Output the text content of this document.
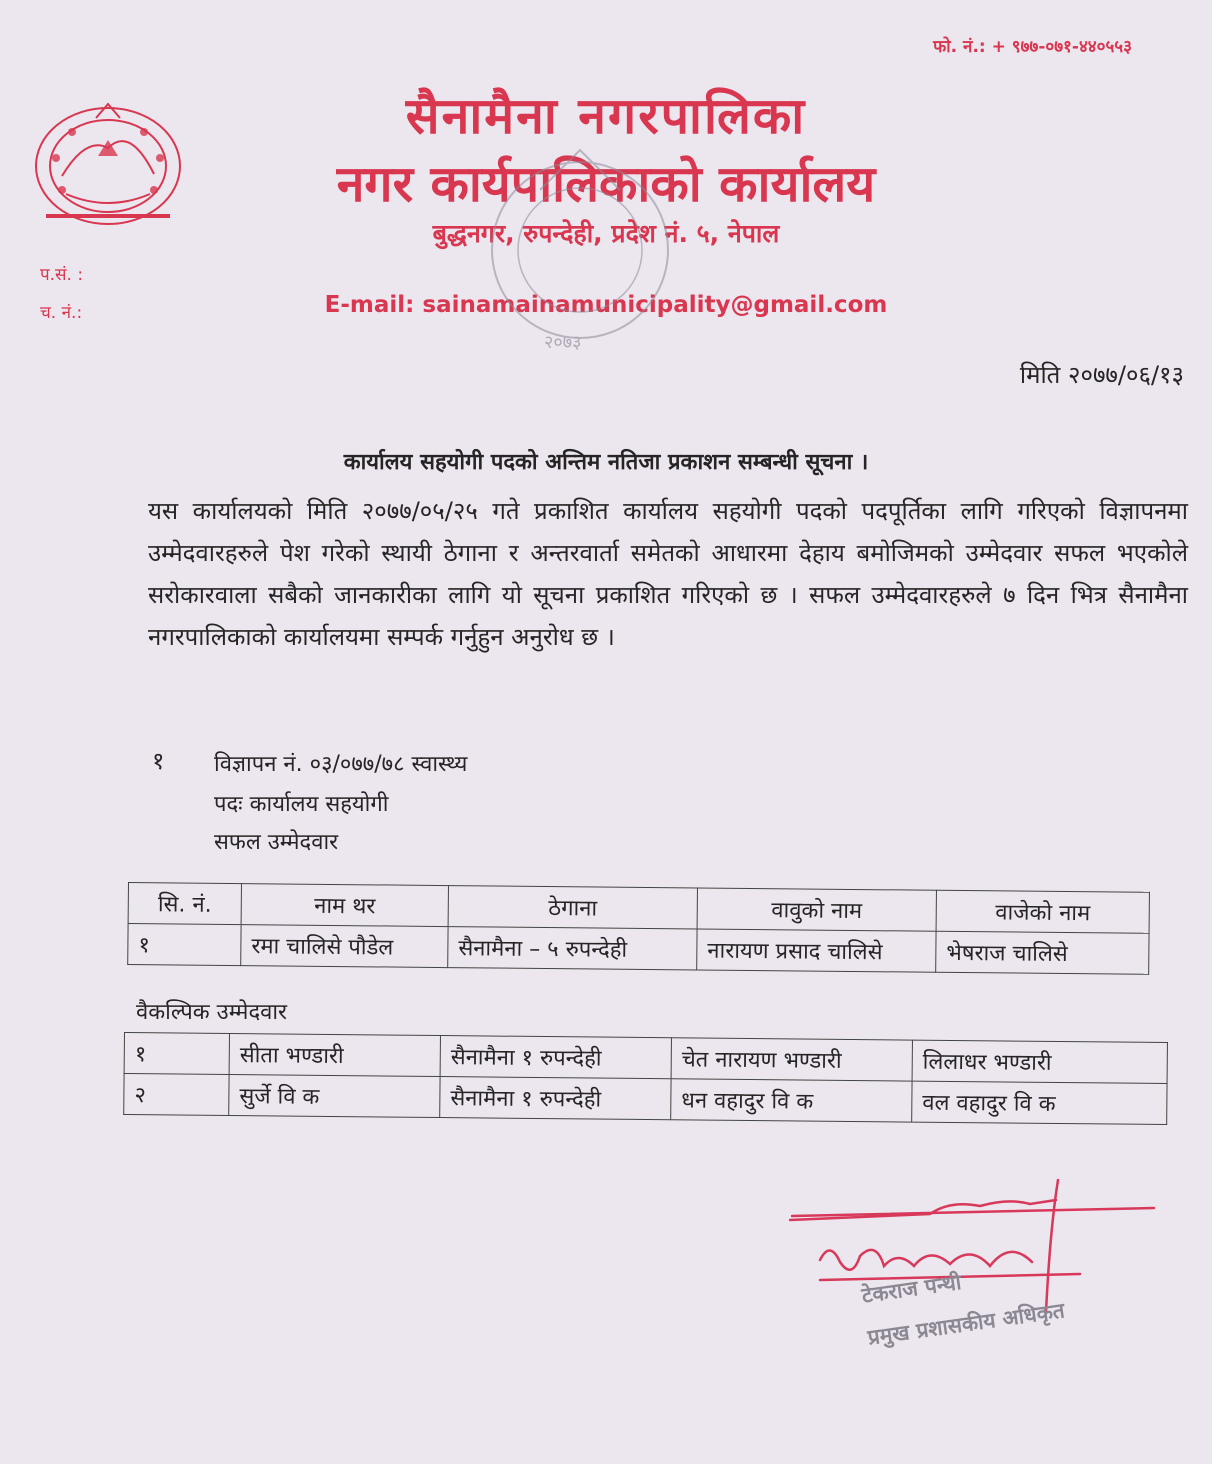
फो. नं.: + ९७७-०७१-४४०५५३
सैनामैना नगरपालिका
नगर कार्यपालिकाको कार्यालय
बुद्धनगर, रुपन्देही, प्रदेश नं. ५, नेपाल
प.सं. :
च. नं.:	E-mail: sainamainamunicipality@gmail.com
२०७३
मिति २०७७/०६/१३
कार्यालय सहयोगी पदको अन्तिम नतिजा प्रकाशन सम्बन्धी सूचना ।
यस कार्यालयको मिति २०७७/०५/२५ गते प्रकाशित कार्यालय सहयोगी पदको पदपूर्तिका लागि गरिएको विज्ञापनमा उम्मेदवारहरुले पेश गरेको स्थायी ठेगाना र अन्तरवार्ता समेतको आधारमा देहाय बमोजिमको उम्मेदवार सफल भएकोले सरोकारवाला सबैको जानकारीका लागि यो सूचना प्रकाशित गरिएको छ । सफल उम्मेदवारहरुले ७ दिन भित्र सैनामैना नगरपालिकाको कार्यालयमा सम्पर्क गर्नुहुन अनुरोध छ ।
१ विज्ञापन नं. ०३/०७७/७८ स्वास्थ्य
पदः कार्यालय सहयोगी
सफल उम्मेदवार
सि. नं.	नाम थर	ठेगाना	वावुको नाम	वाजेको नाम
१	रमा चालिसे पौडेल	सैनामैना – ५ रुपन्देही	नारायण प्रसाद चालिसे	भेषराज चालिसे
वैकल्पिक उम्मेदवार
१	सीता भण्डारी	सैनामैना १ रुपन्देही	चेत नारायण भण्डारी	लिलाधर भण्डारी
२	सुर्जे वि क	सैनामैना १ रुपन्देही	धन वहादुर वि क	वल वहादुर वि क
टेकराज पन्थी
प्रमुख प्रशासकीय अधिकृत
